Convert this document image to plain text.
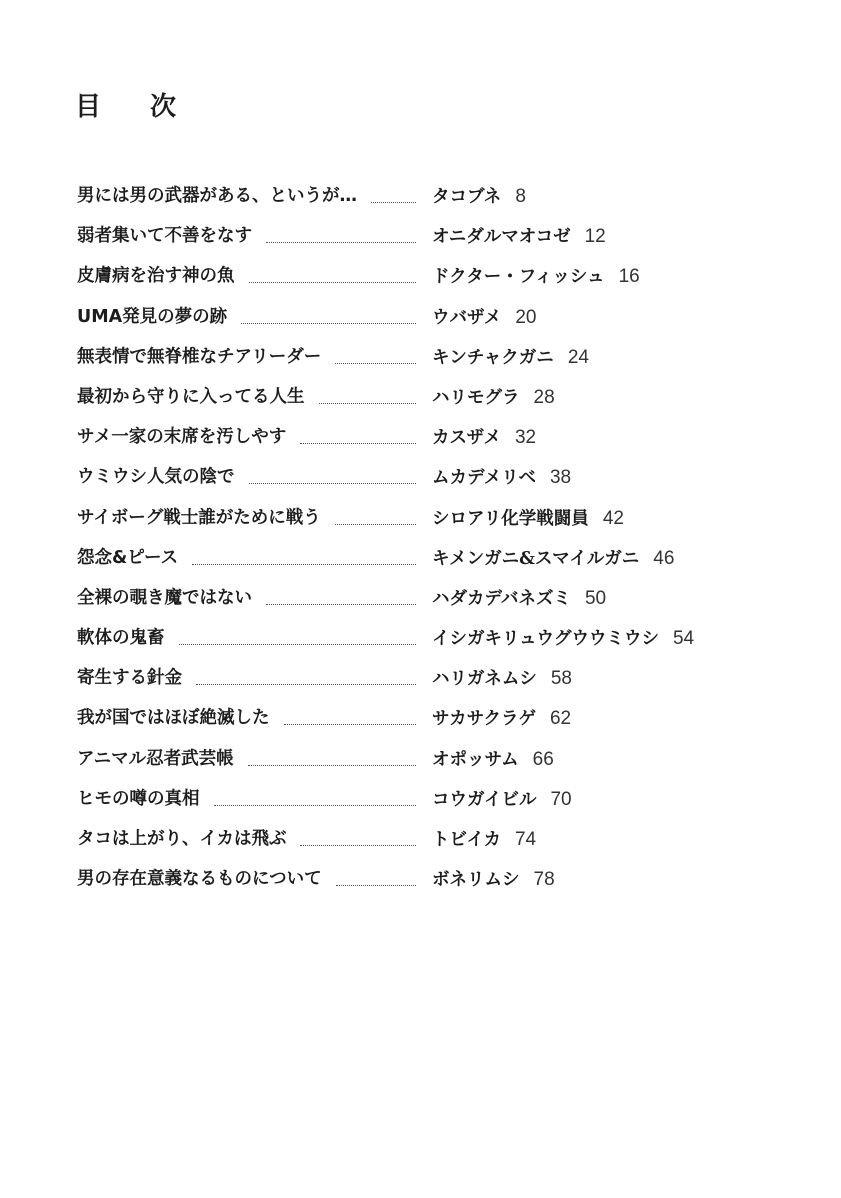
目 次
男には男の武器がある、というが…	タコブネ 8
弱者集いて不善をなす	オニダルマオコゼ 12
皮膚病を治す神の魚	ドクター・フィッシュ 16
UMA発見の夢の跡	ウバザメ 20
無表情で無脊椎なチアリーダー	キンチャクガニ 24
最初から守りに入ってる人生	ハリモグラ 28
サメ一家の末席を汚しやす	カスザメ 32
ウミウシ人気の陰で	ムカデメリベ 38
サイボーグ戦士誰がために戦う	シロアリ化学戦闘員 42
怨念&ピース	キメンガニ&スマイルガニ 46
全裸の覗き魔ではない	ハダカデバネズミ 50
軟体の鬼畜	イシガキリュウグウウミウシ 54
寄生する針金	ハリガネムシ 58
我が国ではほぼ絶滅した	サカサクラゲ 62
アニマル忍者武芸帳	オポッサム 66
ヒモの噂の真相	コウガイビル 70
タコは上がり、イカは飛ぶ	トビイカ 74
男の存在意義なるものについて	ボネリムシ 78
